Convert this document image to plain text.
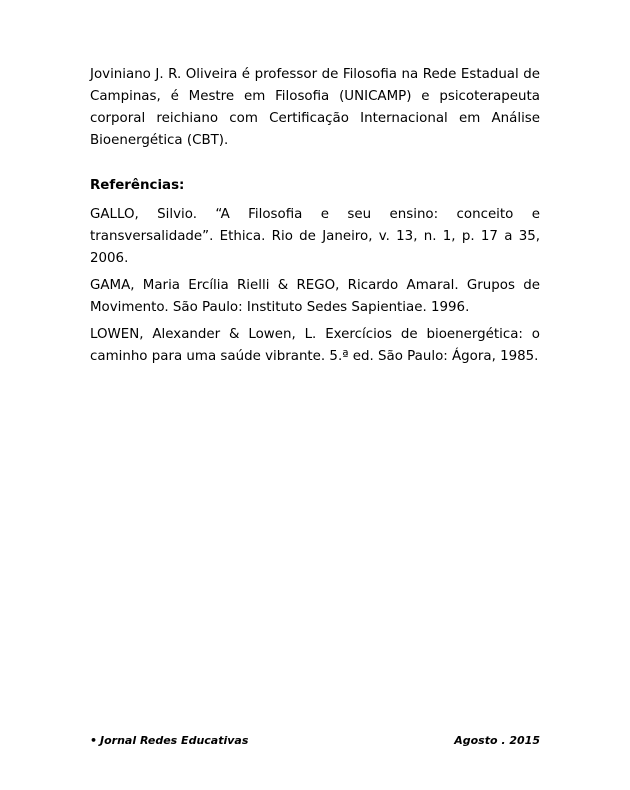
Joviniano J. R. Oliveira é professor de Filosofia na Rede Estadual de Campinas, é Mestre em Filosofia (UNICAMP) e psicoterapeuta corporal reichiano com Certificação Internacional em Análise Bioenergética (CBT).

Referências:

GALLO, Silvio. “A Filosofia e seu ensino: conceito e transversalidade”. Ethica. Rio de Janeiro, v. 13, n. 1, p. 17 a 35, 2006.

GAMA, Maria Ercília Rielli & REGO, Ricardo Amaral. Grupos de Movimento. São Paulo: Instituto Sedes Sapientiae. 1996.

LOWEN, Alexander & Lowen, L. Exercícios de bioenergética: o caminho para uma saúde vibrante. 5.ª ed. São Paulo: Ágora, 1985.

• Jornal Redes Educativas	Agosto . 2015
